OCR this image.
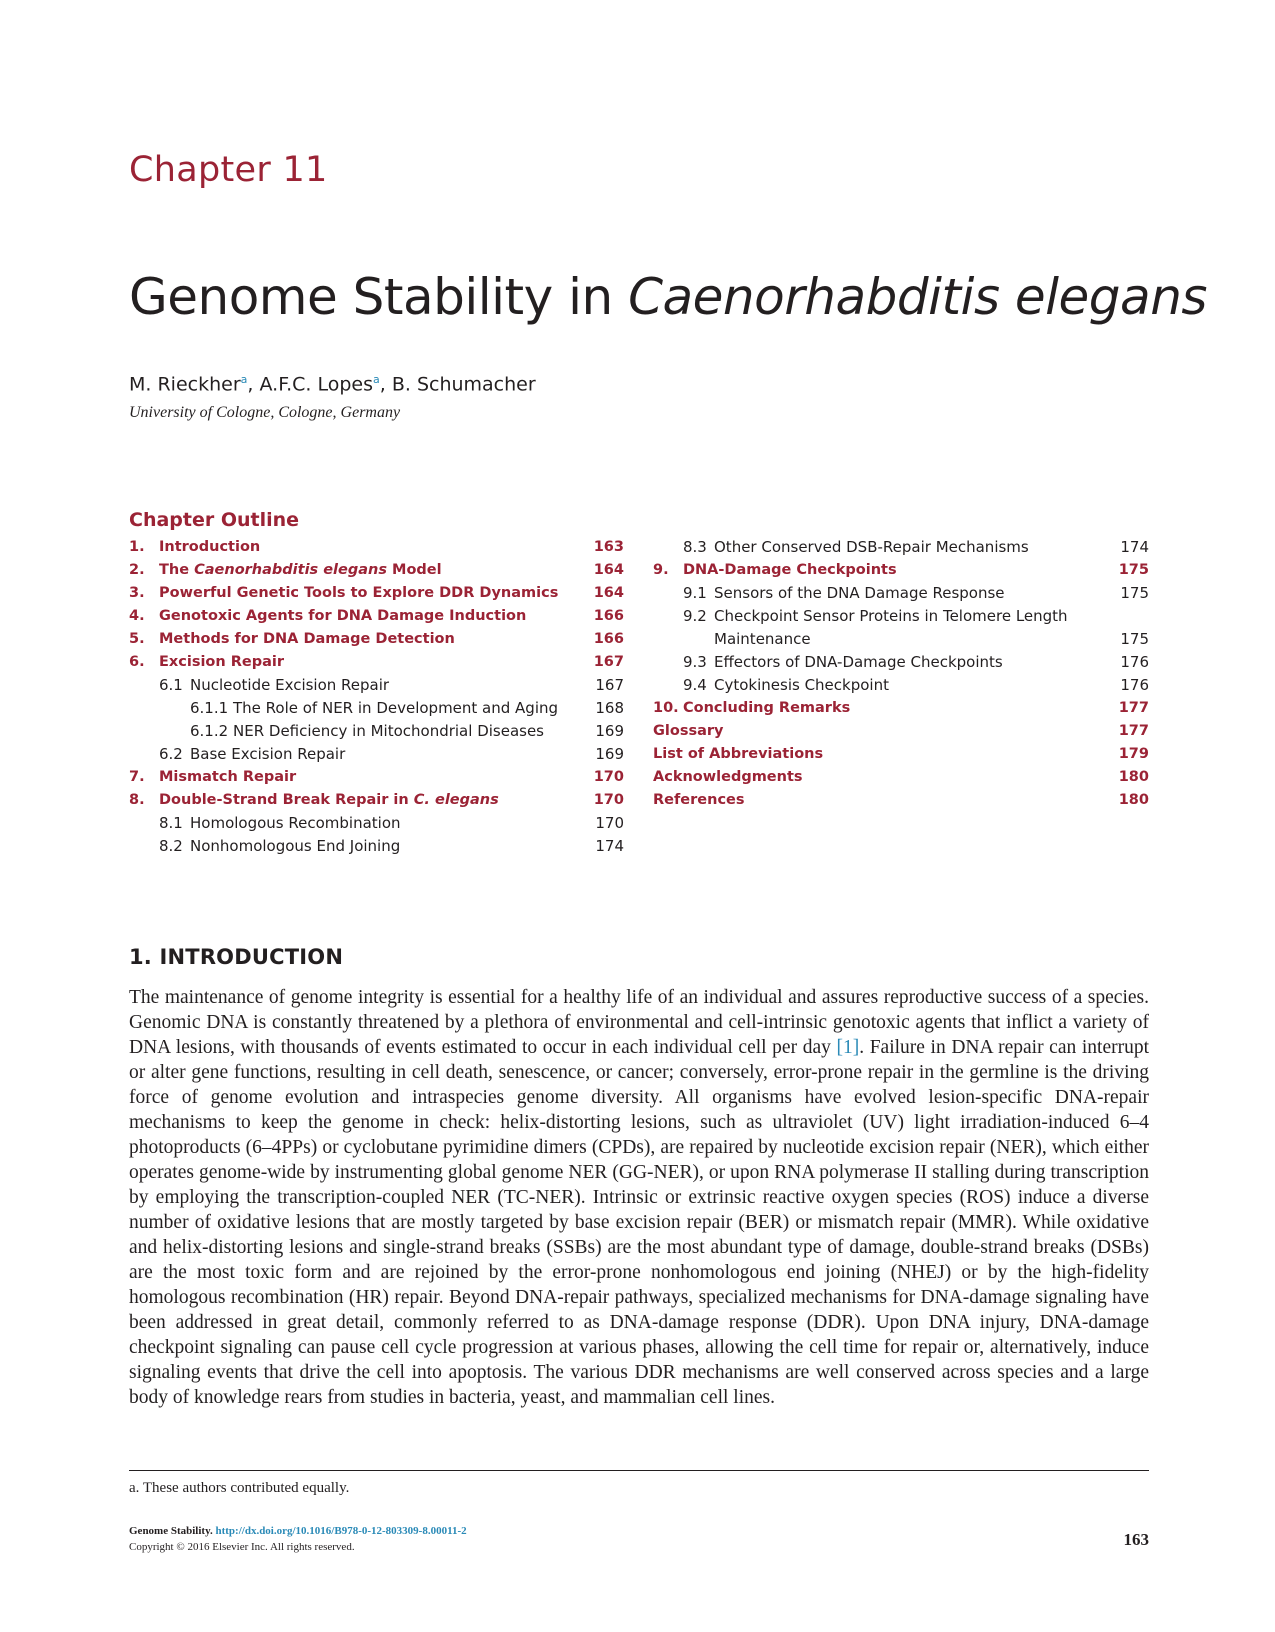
Chapter 11
Genome Stability in Caenorhabditis elegans
M. Rieckher$^a$, A.F.C. Lopes$^a$, B. Schumacher
University of Cologne, Cologne, Germany
Chapter Outline
1. Introduction	163
2. The Caenorhabditis elegans Model	164
3. Powerful Genetic Tools to Explore DDR Dynamics 164
4. Genotoxic Agents for DNA Damage Induction	166
5. Methods for DNA Damage Detection	166
6. Excision Repair	167
6.1 Nucleotide Excision Repair	167
6.1.1 The Role of NER in Development and Aging 168
6.1.2 NER Deficiency in Mitochondrial Diseases	169
6.2 Base Excision Repair	169
7. Mismatch Repair	170
8. Double-Strand Break Repair in C. elegans	170
8.1 Homologous Recombination	170
8.2 Nonhomologous End Joining	174
8.3 Other Conserved DSB-Repair Mechanisms	174
9. DNA-Damage Checkpoints	175
9.1 Sensors of the DNA Damage Response	175
9.2 Checkpoint Sensor Proteins in Telomere Length
Maintenance	175
9.3 Effectors of DNA-Damage Checkpoints	176
9.4 Cytokinesis Checkpoint	176
10. Concluding Remarks	177
Glossary	177
List of Abbreviations	179
Acknowledgments	180
References	180
1. INTRODUCTION

The maintenance of genome integrity is essential for a healthy life of an individual and assures reproductive success of a species. Genomic DNA is constantly threatened by a plethora of environmental and cell-intrinsic genotoxic agents that inflict a variety of DNA lesions, with thousands of events estimated to occur in each individual cell per day [1]. Failure in DNA repair can interrupt or alter gene functions, resulting in cell death, senescence, or cancer; conversely, error-prone repair in the germline is the driving force of genome evolution and intraspecies genome diversity. All organisms have evolved lesion-specific DNA-repair mechanisms to keep the genome in check: helix-distorting lesions, such as ultraviolet (UV) light irradiation-induced 6–4 photoproducts (6–4PPs) or cyclobutane pyrimidine dimers (CPDs), are repaired by nucleotide excision repair (NER), which either operates genome-wide by instrumenting global genome NER (GG-NER), or upon RNA polymerase II stalling during transcription by employing the transcription-coupled NER (TC-NER). Intrinsic or extrinsic reactive oxygen species (ROS) induce a diverse number of oxidative lesions that are mostly targeted by base excision repair (BER) or mismatch repair (MMR). While oxidative and helix-distorting lesions and single-strand breaks (SSBs) are the most abundant type of damage, double-strand breaks (DSBs) are the most toxic form and are rejoined by the error-prone nonhomologous end joining (NHEJ) or by the high-fidelity homologous recombination (HR) repair. Beyond DNA-repair pathways, specialized mechanisms for DNA-damage signaling have been addressed in great detail, commonly referred to as DNA-damage response (DDR). Upon DNA injury, DNA-damage checkpoint signaling can pause cell cycle progression at various phases, allowing the cell time for repair or, alternatively, induce signaling events that drive the cell into apoptosis. The various DDR mechanisms are well conserved across species and a large body of knowledge rears from studies in bacteria, yeast, and mammalian cell lines.

a. These authors contributed equally.
Genome Stability. http://dx.doi.org/10.1016/B978-0-12-803309-8.00011-2
Copyright © 2016 Elsevier Inc. All rights reserved.	163
